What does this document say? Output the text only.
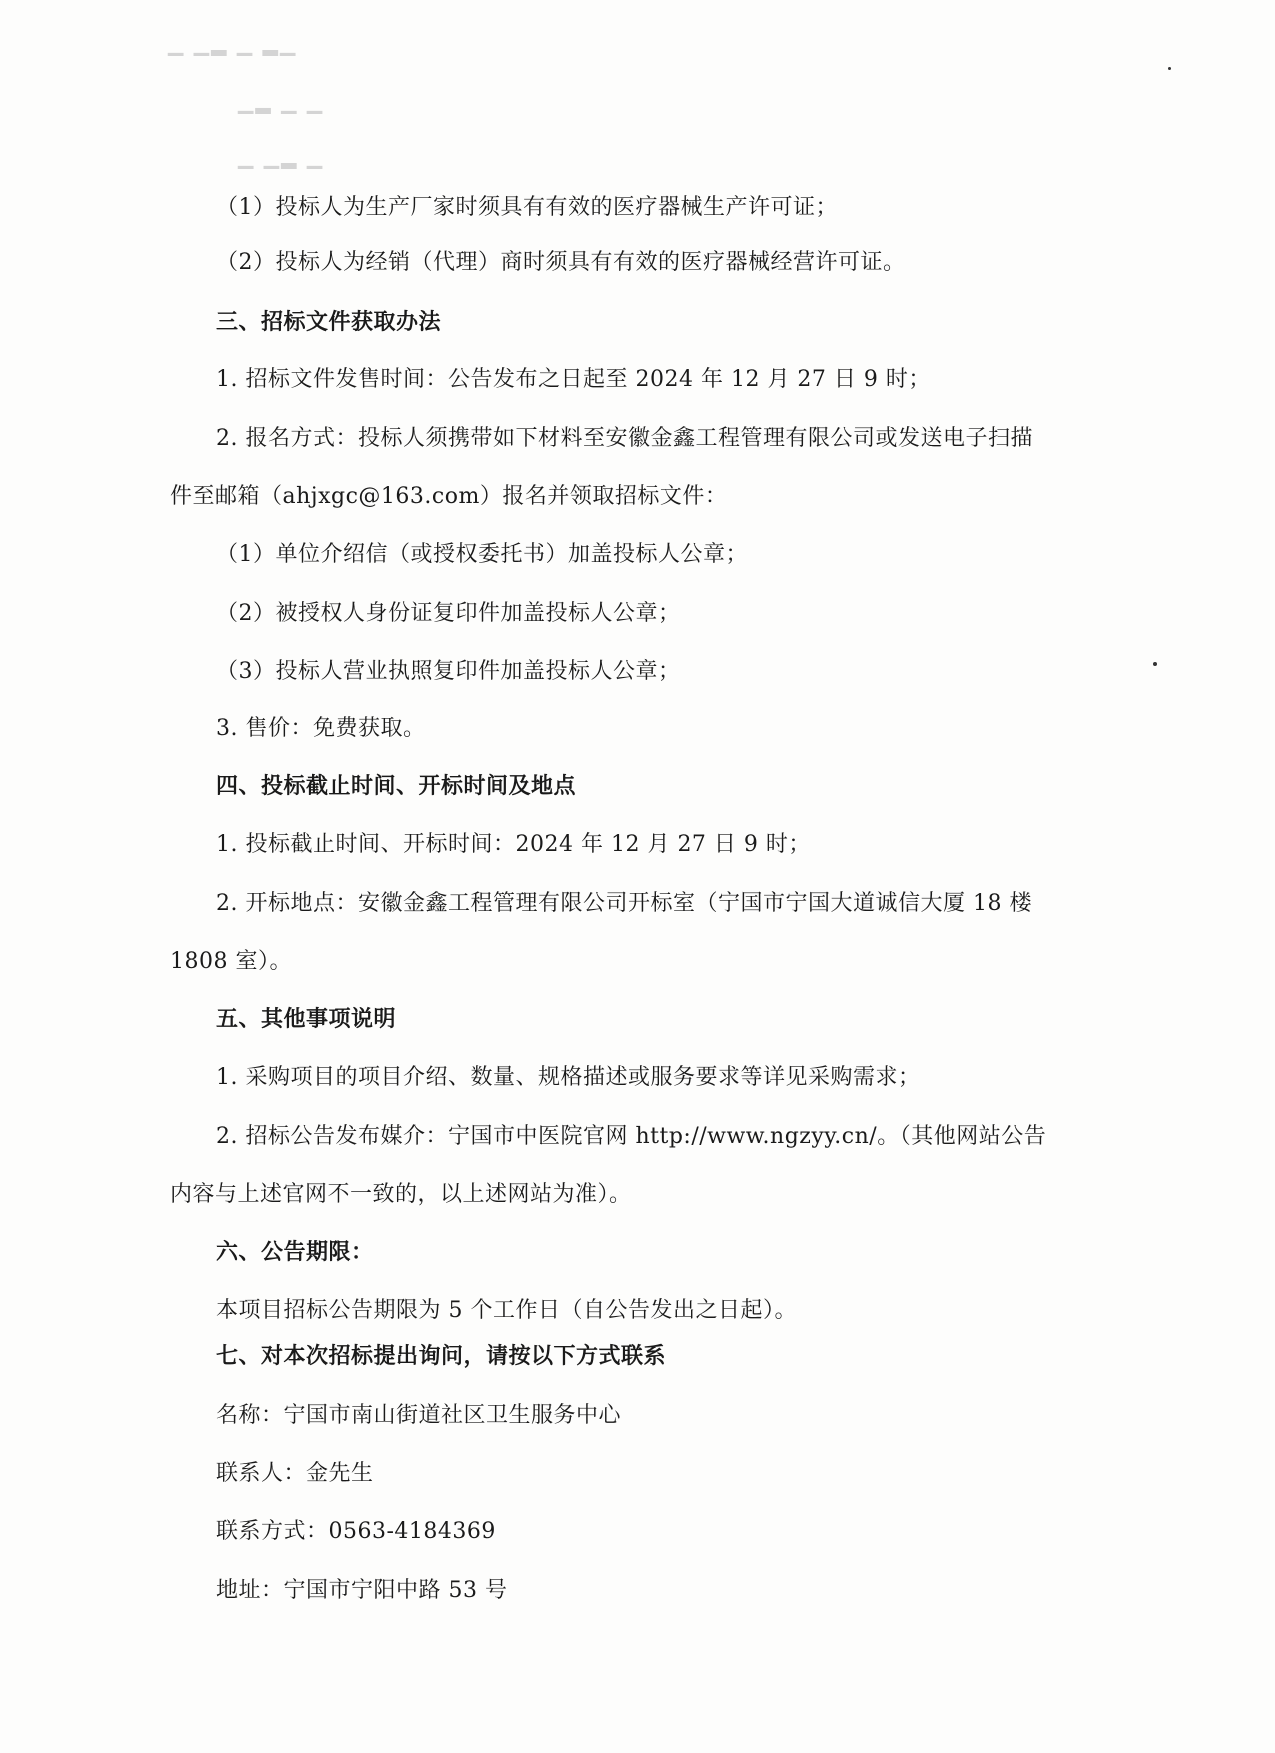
▁ ▁▂ ▁ ▂▁
▁▂ ▁ ▁
▁ ▁▂ ▁
（1）投标人为生产厂家时须具有有效的医疗器械生产许可证；
（2）投标人为经销（代理）商时须具有有效的医疗器械经营许可证。
三、招标文件获取办法
1. 招标文件发售时间：公告发布之日起至 2024 年 12 月 27 日 9 时；
2. 报名方式：投标人须携带如下材料至安徽金鑫工程管理有限公司或发送电子扫描
件至邮箱（ahjxgc@163.com）报名并领取招标文件：
（1）单位介绍信（或授权委托书）加盖投标人公章；
（2）被授权人身份证复印件加盖投标人公章；
（3）投标人营业执照复印件加盖投标人公章；
3. 售价：免费获取。
四、投标截止时间、开标时间及地点
1. 投标截止时间、开标时间：2024 年 12 月 27 日 9 时；
2. 开标地点：安徽金鑫工程管理有限公司开标室（宁国市宁国大道诚信大厦 18 楼
1808 室）。
五、其他事项说明
1. 采购项目的项目介绍、数量、规格描述或服务要求等详见采购需求；
2. 招标公告发布媒介：宁国市中医院官网 http://www.ngzyy.cn/。（其他网站公告
内容与上述官网不一致的，以上述网站为准）。
六、公告期限：
本项目招标公告期限为 5 个工作日（自公告发出之日起）。
七、对本次招标提出询问，请按以下方式联系
名称：宁国市南山街道社区卫生服务中心
联系人：金先生
联系方式：0563-4184369
地址：宁国市宁阳中路 53 号
